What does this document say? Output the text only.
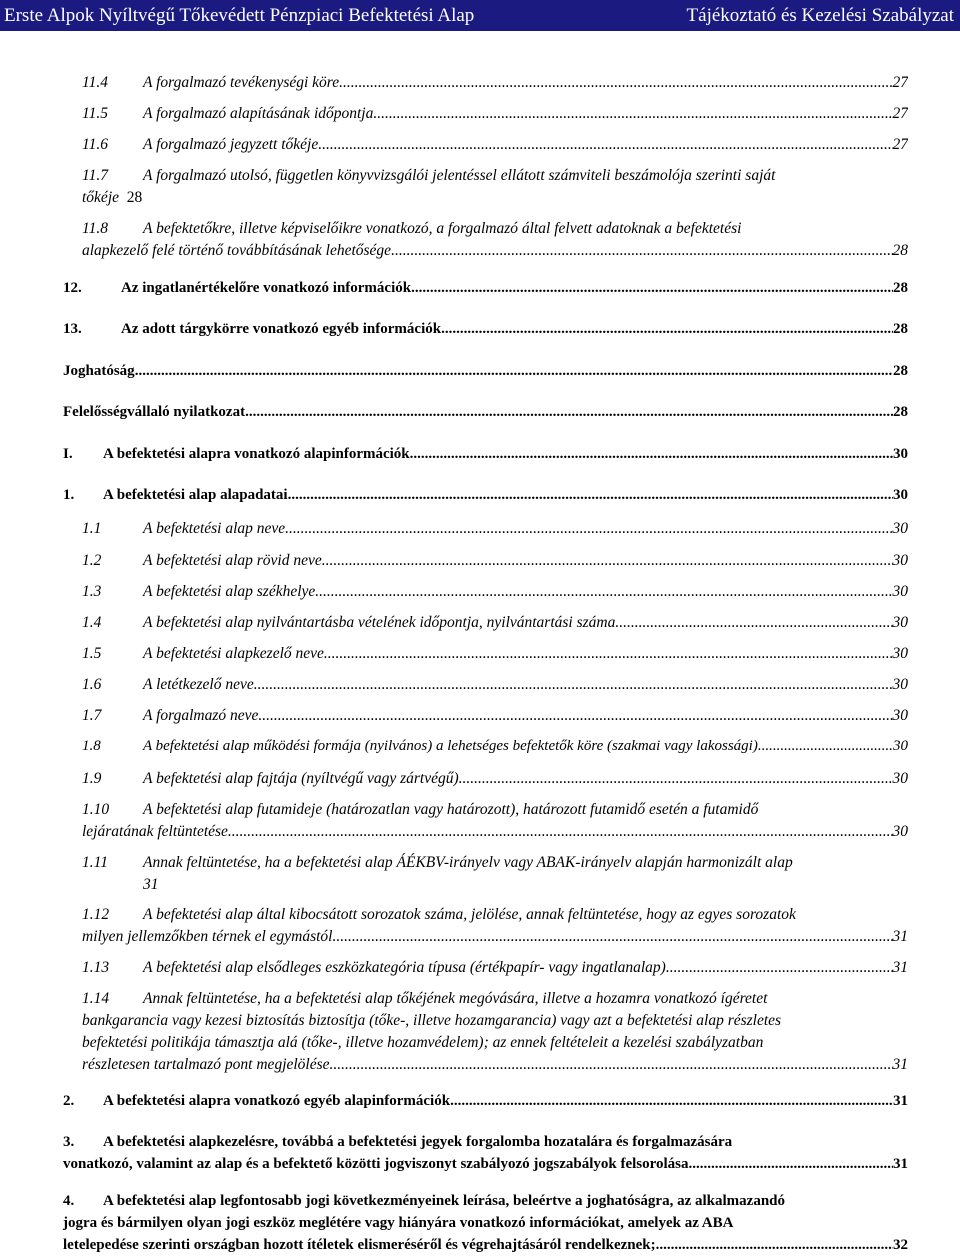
Erste Alpok Nyíltvégű Tőkevédett Pénzpiaci Befektetési Alap	Tájékoztató és Kezelési Szabályzat
11.4	A forgalmazó tevékenységi köre .....	27
11.5	A forgalmazó alapításának időpontja .....	27
11.6	A forgalmazó jegyzett tőkéje .....	27
11.7 A forgalmazó utolsó, független könyvvizsgálói jelentéssel ellátott számviteli beszámolója szerinti saját
tőkéje 28
11.8 A befektetőkre, illetve képviselőikre vonatkozó, a forgalmazó által felvett adatoknak a befektetési
alapkezelő felé történő továbbításának lehetősége .....	28
12.	Az ingatlanértékelőre vonatkozó információk .....	28
13.	Az adott tárgykörre vonatkozó egyéb információk .....	28
Joghatóság .....	28
Felelősségvállaló nyilatkozat .....	28
I.	A befektetési alapra vonatkozó alapinformációk .....	30
1.	A befektetési alap alapadatai .....	30
1.1	A befektetési alap neve .....	30
1.2	A befektetési alap rövid neve .....	30
1.3	A befektetési alap székhelye .....	30
1.4	A befektetési alap nyilvántartásba vételének időpontja, nyilvántartási száma .....	30
1.5	A befektetési alapkezelő neve .....	30
1.6	A letétkezelő neve .....	30
1.7	A forgalmazó neve .....	30
1.8	A befektetési alap működési formája (nyilvános) a lehetséges befektetők köre (szakmai vagy lakossági) .....	30
1.9	A befektetési alap fajtája (nyíltvégű vagy zártvégű) .....	30
1.10 A befektetési alap futamideje (határozatlan vagy határozott), határozott futamidő esetén a futamidő
lejáratának feltüntetése .....	30
1.11 Annak feltüntetése, ha a befektetési alap ÁÉKBV-irányelv vagy ABAK-irányelv alapján harmonizált alap
31
1.12 A befektetési alap által kibocsátott sorozatok száma, jelölése, annak feltüntetése, hogy az egyes sorozatok
milyen jellemzőkben térnek el egymástól .....	31
1.13	A befektetési alap elsődleges eszközkategória típusa (értékpapír- vagy ingatlanalap) .....	31
1.14 Annak feltüntetése, ha a befektetési alap tőkéjének megóvására, illetve a hozamra vonatkozó ígéretet
bankgarancia vagy kezesi biztosítás biztosítja (tőke-, illetve hozamgarancia) vagy azt a befektetési alap részletes
befektetési politikája támasztja alá (tőke-, illetve hozamvédelem); az ennek feltételeit a kezelési szabályzatban
részletesen tartalmazó pont megjelölése .....	31
2.	A befektetési alapra vonatkozó egyéb alapinformációk .....	31
3. A befektetési alapkezelésre, továbbá a befektetési jegyek forgalomba hozatalára és forgalmazására
vonatkozó, valamint az alap és a befektető közötti jogviszonyt szabályozó jogszabályok felsorolása .....	31
4. A befektetési alap legfontosabb jogi következményeinek leírása, beleértve a joghatóságra, az alkalmazandó
jogra és bármilyen olyan jogi eszköz meglétére vagy hiányára vonatkozó információkat, amelyek az ABA
letelepedése szerinti országban hozott ítéletek elismeréséről és végrehajtásáról rendelkeznek; .....	32
